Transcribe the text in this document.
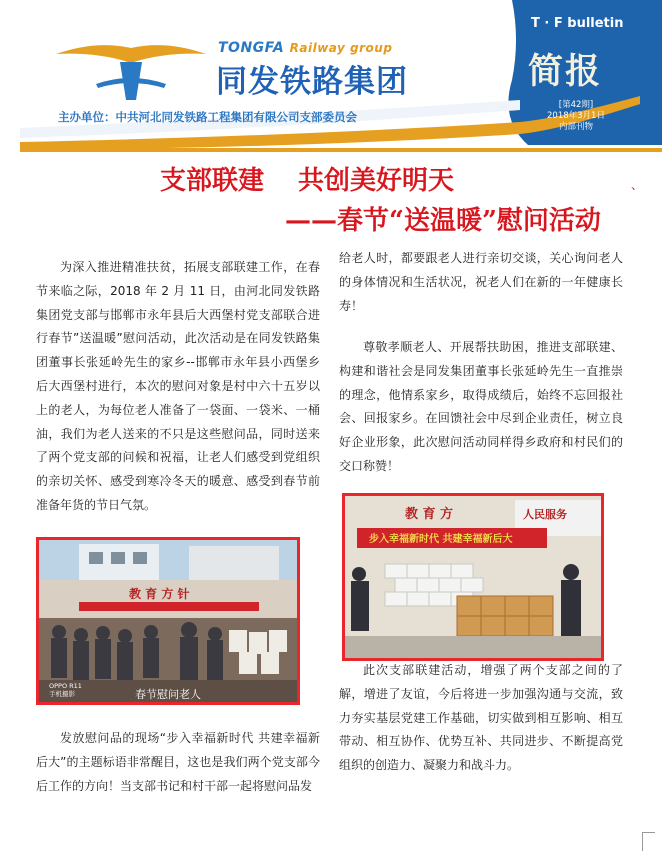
TONGFA Railway group
同发铁路集团
主办单位：中共河北同发铁路工程集团有限公司支部委员会
T · F bulletin
简报
[第42期]
2018年3月1日
内部刊物
支部联建 共创美好明天
——春节“送温暖”慰问活动
、

为深入推进精准扶贫，拓展支部联建工作，在春节来临之际，2018 年 2 月 11 日，由河北同发铁路集团党支部与邯郸市永年县后大西堡村党支部联合进行春节”送温暖”慰问活动，此次活动是在同发铁路集团董事长张延岭先生的家乡--邯郸市永年县小西堡乡后大西堡村进行，本次的慰问对象是村中六十五岁以上的老人，为每位老人准备了一袋面、一袋米、一桶油，我们为老人送来的不只是这些慰问品，同时送来了两个党支部的问候和祝福，让老人们感受到党组织的亲切关怀、感受到寒冷冬天的暖意、感受到春节前准备年货的节日气氛。

教 育 方 针
OPPO R11
手机摄影	春节慰问老人

发放慰问品的现场“步入幸福新时代 共建幸福新后大”的主题标语非常醒目，这也是我们两个党支部今后工作的方向！当支部书记和村干部一起将慰问品发

给老人时，都要跟老人进行亲切交谈，关心询问老人的身体情况和生活状况，祝老人们在新的一年健康长寿！

尊敬孝顺老人、开展帮扶助困，推进支部联建、构建和谐社会是同发集团董事长张延岭先生一直推崇的理念，他情系家乡，取得成绩后，始终不忘回报社会、回报家乡。在回馈社会中尽到企业责任，树立良好企业形象，此次慰问活动同样得乡政府和村民们的交口称赞！

教 育 方	人民服务
步入幸福新时代 共建幸福新后大

此次支部联建活动，增强了两个支部之间的了解，增进了友谊，今后将进一步加强沟通与交流，致力夯实基层党建工作基础，切实做到相互影响、相互带动、相互协作、优势互补、共同进步、不断提高党组织的创造力、凝聚力和战斗力。
